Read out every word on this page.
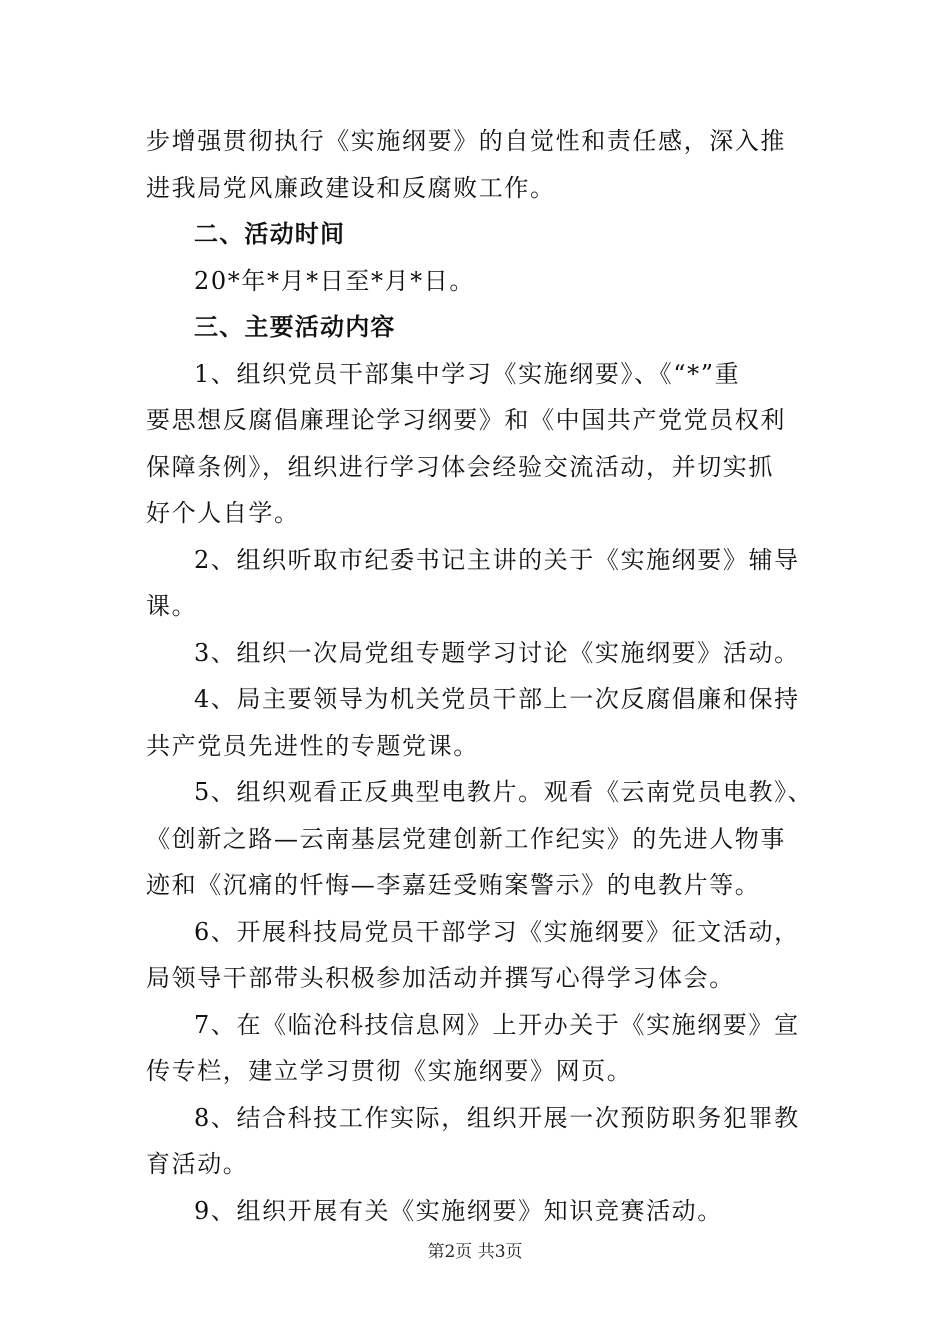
步增强贯彻执行《实施纲要》的自觉性和责任感，深入推
进我局党风廉政建设和反腐败工作。
二、活动时间
20*年*月*日至*月*日。
三、主要活动内容
1、组织党员干部集中学习《实施纲要》、《“*”重
要思想反腐倡廉理论学习纲要》和《中国共产党党员权利
保障条例》，组织进行学习体会经验交流活动，并切实抓
好个人自学。
2、组织听取市纪委书记主讲的关于《实施纲要》辅导
课。
3、组织一次局党组专题学习讨论《实施纲要》活动。
4、局主要领导为机关党员干部上一次反腐倡廉和保持
共产党员先进性的专题党课。
5、组织观看正反典型电教片。观看《云南党员电教》、
《创新之路—云南基层党建创新工作纪实》的先进人物事
迹和《沉痛的忏悔—李嘉廷受贿案警示》的电教片等。
6、开展科技局党员干部学习《实施纲要》征文活动，
局领导干部带头积极参加活动并撰写心得学习体会。
7、在《临沧科技信息网》上开办关于《实施纲要》宣
传专栏，建立学习贯彻《实施纲要》网页。
8、结合科技工作实际，组织开展一次预防职务犯罪教
育活动。
9、组织开展有关《实施纲要》知识竞赛活动。
第2页 共3页
